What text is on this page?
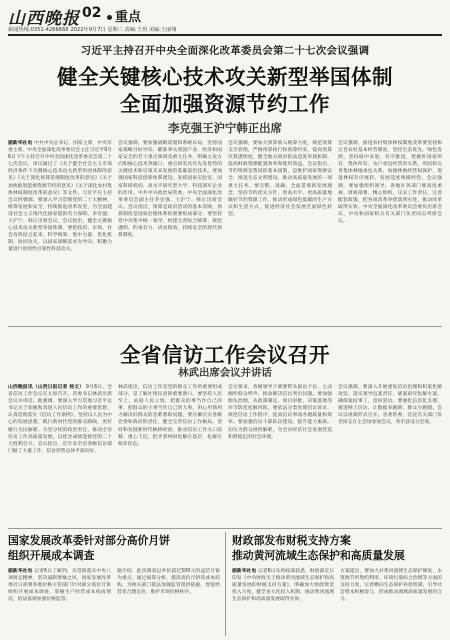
山西晚报 02	重点
新闻热线:0351-4286666 2022年9月7日 星期三 责编:王玥 美编:王丽翔
习近平主持召开中央全面深化改革委员会第二十七次会议强调
健全关键核心技术攻关新型举国体制
全面加强资源节约工作
李克强王沪宁韩正出席
据新华社电 中共中央总书记、国家主席、中央军委主席、中央全面深化改革委员会主任习近平9月6日下午主持召开中央全面深化改革委员会第二十七次会议，审议通过了《关于健全社会主义市场经济条件下关键核心技术攻关新型举国体制的意见》《关于深化预算管理制度改革的意见》《关于加快推进能源资源节约的意见》《关于深化农村集体林权制度改革的意见》等文件。习近平在主持会议时强调，要深入学习贯彻党的二十大精神，统筹发展和安全，持续推进改革攻坚，为全面建设社会主义现代化国家提供有力保障。李克强、王沪宁、韩正出席会议。会议指出，健全关键核心技术攻关新型举国体制，要把政府、市场、社会有机结合起来，科学统筹、集中力量、优化机制、协同攻关，以国家战略需求为导向，积聚力量进行原创性引领性科技攻关。
会议强调，要加强战略谋划和系统布局，坚持国家战略目标导向，瞄准事关我国产业、经济和国家安全的若干重点领域及重大任务，明确主攻方向和核心技术突破口，重点研发具有先发优势的关键技术和引领未来发展的基础前沿技术。要加强国家科技创新体系建设，发挥国家实验室、国家科研机构、高水平研究型大学、科技领军企业的作用。中共中央政治局常委，中央全面深化改革委员会副主任李克强、王沪宁、韩正出席会议。会议指出，预算是政府活动的基本反映，预算制度是国家治理体系的重要组成部分，要坚持党中央集中统一领导，构建完善综合统筹、规范透明、约束有力、讲求绩效、持续安全的现代预算制度。
会议强调，要加大预算收入统筹力度，规范预算支出管理，严格预算执行和预算约束，提高预算决算透明度，健全地方政府依法适度举债机制，提高财政资源配置效率和使用效益。会议指出，节约资源是我国的基本国策，是维护国家资源安全、推进生态文明建设、推动高质量发展的一项重大任务。要完整、准确、全面贯彻新发展理念，坚持节约优先方针，更高水平、更高质量地做好节约资源工作，推动形成绿色低碳的生产方式和生活方式，促进经济社会发展全面绿色转型。
会议强调，推进农村集体林权制度改革要坚持和完善农村基本经营制度，坚持生态优先、绿色发展，坚持稳中求进、有序推进，把握好国家所有、集体所有、农户承包经营的关系，巩固和完善集体林地承包关系，加强林地经营权保护，促进林权有序流转，发展适度规模经营。会议强调，要加强组织领导，各地区各部门要高度重视、周密部署、精心组织，压实工作责任，完善配套政策，把各项改革举措落到实处，推动改革取得实效。中央全面深化改革委员会委员出席会议，中央和国家机关有关部门负责同志列席会议。
全省信访工作会议召开
林武出席会议并讲话
山西晚报讯（山西日报记者 杨文） 9月6日，全省信访工作会议在太原召开。省委书记林武出席会议并讲话。他强调，要深入学习贯彻习近平总书记关于加强和改进人民信访工作的重要思想，认真贯彻落实《信访工作条例》，坚持以人民为中心的发展思想，践行新时代党的群众路线，更好履行为民解难、为党分忧的政治责任，推动全省信访工作高质量发展，以优异成绩迎接党的二十大胜利召开。会议指出，近年来全省各级信访部门做了大量工作，信访形势总体平稳向好。
林武指出，信访工作是党的群众工作的重要组成部分，是了解社情民意的重要窗口。要坚持人民至上，站稳人民立场，把群众的事当作自己的事，把群众的小事当作自己的大事，用心用情用力解决好群众的急难愁盼问题。要压紧压实各级党委和政府的责任，健全完善信访工作格局，坚持和发展新时代枫桥经验，推动信访工作关口前移、重心下沉，把矛盾纠纷化解在基层、化解在萌芽状态。
会议要求，各级领导干部要带头接访下访，主动倾听群众呼声，推动解决信访突出问题。要加强源头治理，从政策制定、项目审批、决策落地等环节防范化解风险。要依法分类处理信访诉求，规范信访工作程序，提高信访事项办理质量和效率。要加强信访干部队伍建设，提升能力素质，切实为群众排忧解难，为全省经济社会发展营造和谐稳定的社会环境。
会议强调，要深入开展重复信访治理和积案化解攻坚，落实领导包案责任，逐案研究化解方案，确保案结事了、息诉罢访。要强化信息化支撑，推进网上信访，让数据多跑路、群众少跑腿。会议以视频形式召开。省委常委、省直有关部门负责同志在主会场参加会议，各市县设分会场。
国家发展改革委针对部分高价月饼
组织开展成本调查
据新华社电 记者6日了解到，为贯彻落实中央八项规定精神，坚决遏制奢靡之风，国家发展改革委近日部署各地价格主管部门针对部分高价月饼组织开展成本调查，掌握生产经营成本构成情况，依法依规加强价格监管。
据介绍，此次调查以单价超过500元的盒装月饼为重点，通过核算分析，摸清高价月饼的成本结构，为相关部门依法加强监管提供依据，督促经营者合理定价，维护市场价格秩序。
财政部发布财税支持方案
推动黄河流域生态保护和高质量发展
据新华社电 记者6日从财政部获悉，财政部近日印发《中央财政关于推动黄河流域生态保护和高质量发展的财税支持方案》，明确加大财政资金投入力度，健全多元化投入机制，推动黄河流域生态保护和高质量发展取得实效。
方案提出，要加大对黄河流域生态保护修复、水资源节约集约利用、环境污染综合治理等方面的支持力度，完善横向生态保护补偿机制，引导社会资本积极参与，形成推动流域高质量发展的合力。
